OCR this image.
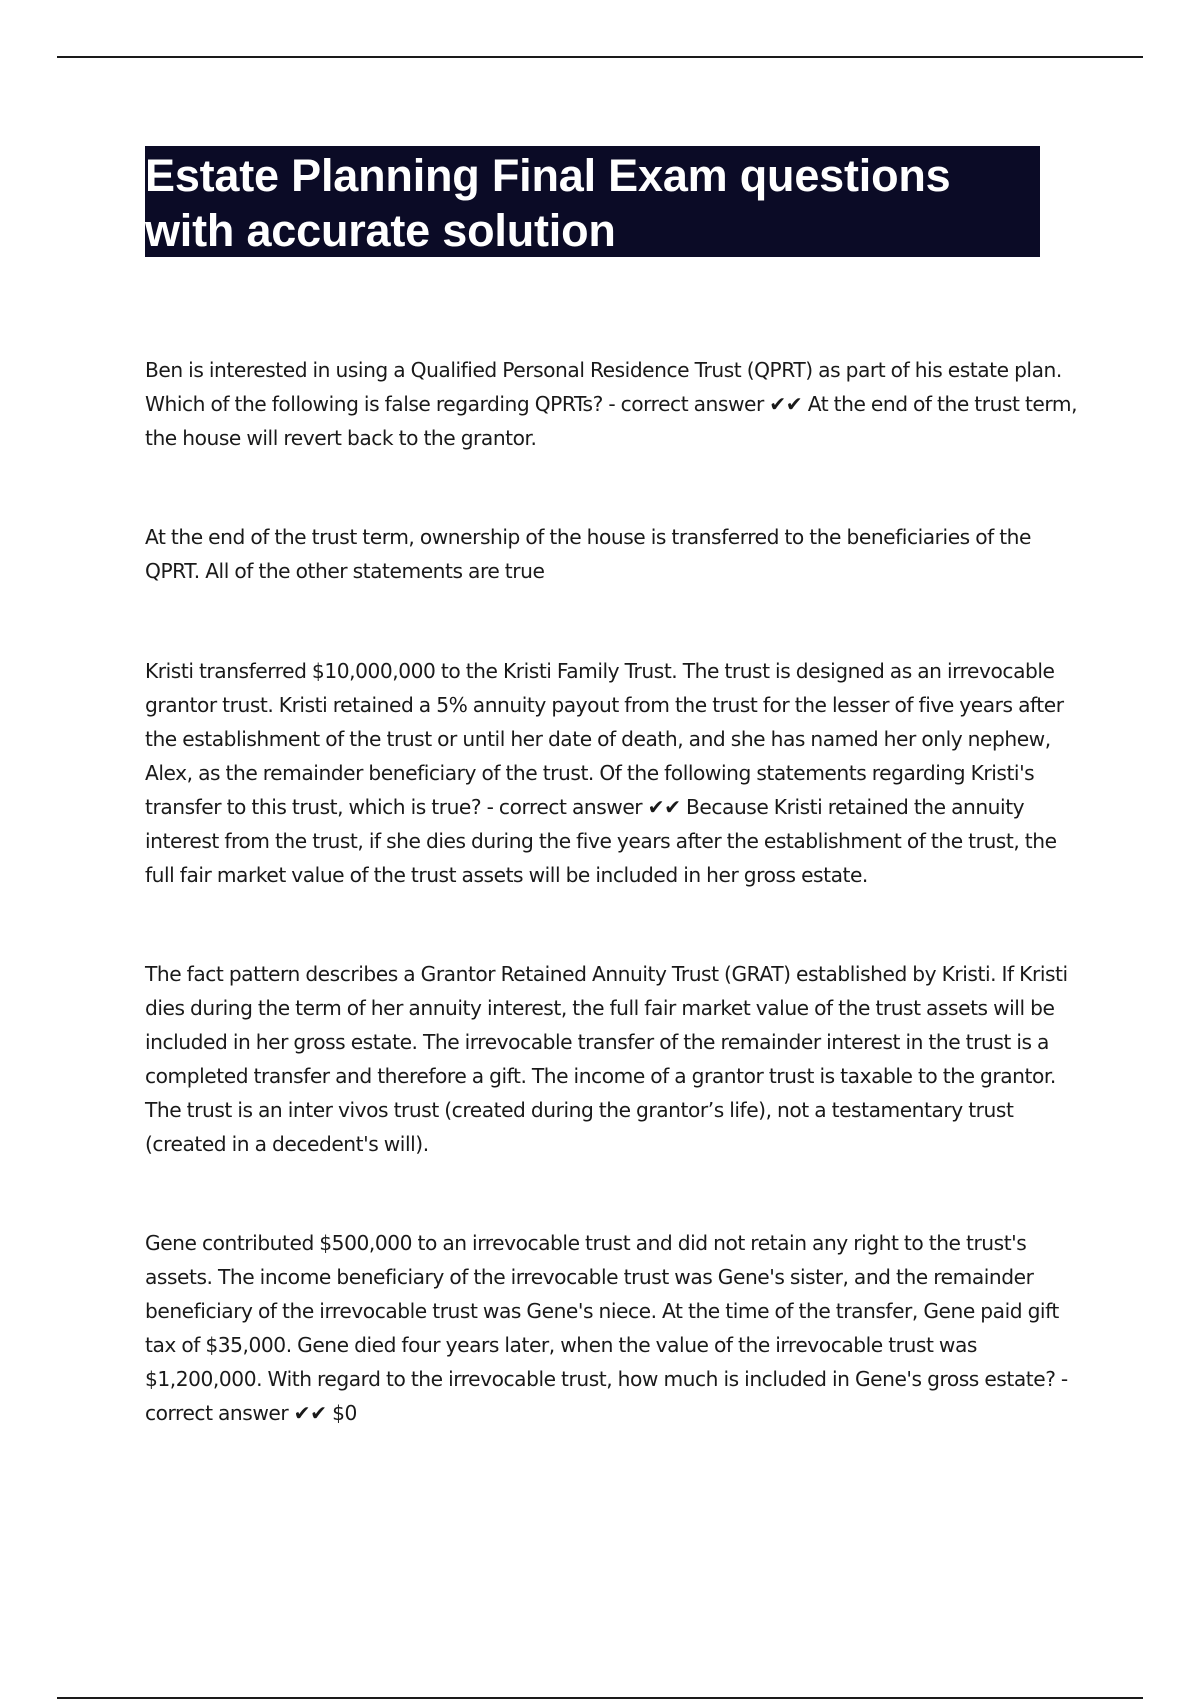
Estate Planning Final Exam questions with accurate solution

Ben is interested in using a Qualified Personal Residence Trust (QPRT) as part of his estate plan. Which of the following is false regarding QPRTs? - correct answer ✔✔ At the end of the trust term, the house will revert back to the grantor.

At the end of the trust term, ownership of the house is transferred to the beneficiaries of the QPRT. All of the other statements are true

Kristi transferred $10,000,000 to the Kristi Family Trust. The trust is designed as an irrevocable grantor trust. Kristi retained a 5% annuity payout from the trust for the lesser of five years after the establishment of the trust or until her date of death, and she has named her only nephew, Alex, as the remainder beneficiary of the trust. Of the following statements regarding Kristi's transfer to this trust, which is true? - correct answer ✔✔ Because Kristi retained the annuity interest from the trust, if she dies during the five years after the establishment of the trust, the full fair market value of the trust assets will be included in her gross estate.

The fact pattern describes a Grantor Retained Annuity Trust (GRAT) established by Kristi. If Kristi dies during the term of her annuity interest, the full fair market value of the trust assets will be included in her gross estate. The irrevocable transfer of the remainder interest in the trust is a completed transfer and therefore a gift. The income of a grantor trust is taxable to the grantor. The trust is an inter vivos trust (created during the grantor’s life), not a testamentary trust (created in a decedent's will).

Gene contributed $500,000 to an irrevocable trust and did not retain any right to the trust's assets. The income beneficiary of the irrevocable trust was Gene's sister, and the remainder beneficiary of the irrevocable trust was Gene's niece. At the time of the transfer, Gene paid gift tax of $35,000. Gene died four years later, when the value of the irrevocable trust was $1,200,000. With regard to the irrevocable trust, how much is included in Gene's gross estate? - correct answer ✔✔ $0
